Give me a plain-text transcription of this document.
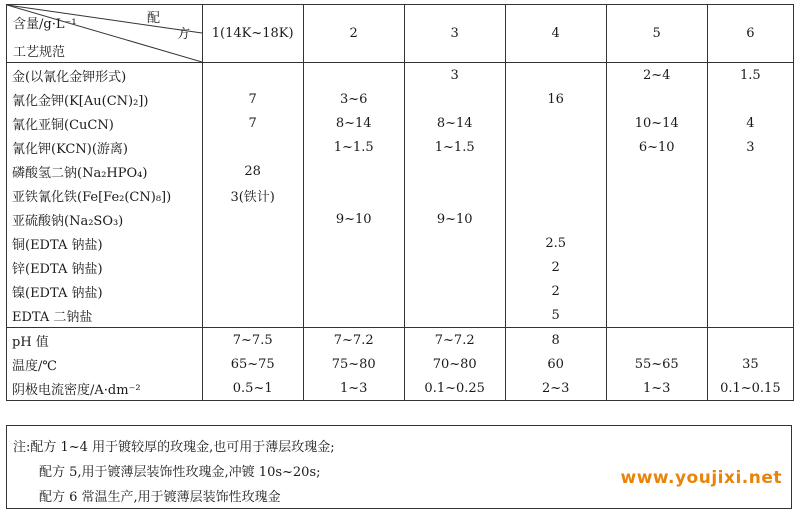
含量/g·L⁻¹ 配
方
工艺规范	1(14K~18K)	2	3	4	5	6
金(以氰化金钾形式)			3		2~4	1.5
氰化金钾(K[Au(CN)₂])	7	3~6		16		
氰化亚铜(CuCN)	7	8~14	8~14		10~14	4
氰化钾(KCN)(游离)		1~1.5	1~1.5		6~10	3
磷酸氢二钠(Na₂HPO₄)	28					
亚铁氰化铁(Fe[Fe₂(CN)₈])	3(铁计)					
亚硫酸钠(Na₂SO₃)		9~10	9~10			
铜(EDTA 钠盐)				2.5		
锌(EDTA 钠盐)				2		
镍(EDTA 钠盐)				2		
EDTA 二钠盐				5		
pH 值	7~7.5	7~7.2	7~7.2	8		
温度/℃	65~75	75~80	70~80	60	55~65	35
阴极电流密度/A·dm⁻²	0.5~1	1~3	0.1~0.25	2~3	1~3	0.1~0.15
注:配方 1~4 用于镀较厚的玫瑰金,也可用于薄层玫瑰金;
配方 5,用于镀薄层装饰性玫瑰金,冲镀 10s~20s;
配方 6 常温生产,用于镀薄层装饰性玫瑰金
www.youjixi.net
